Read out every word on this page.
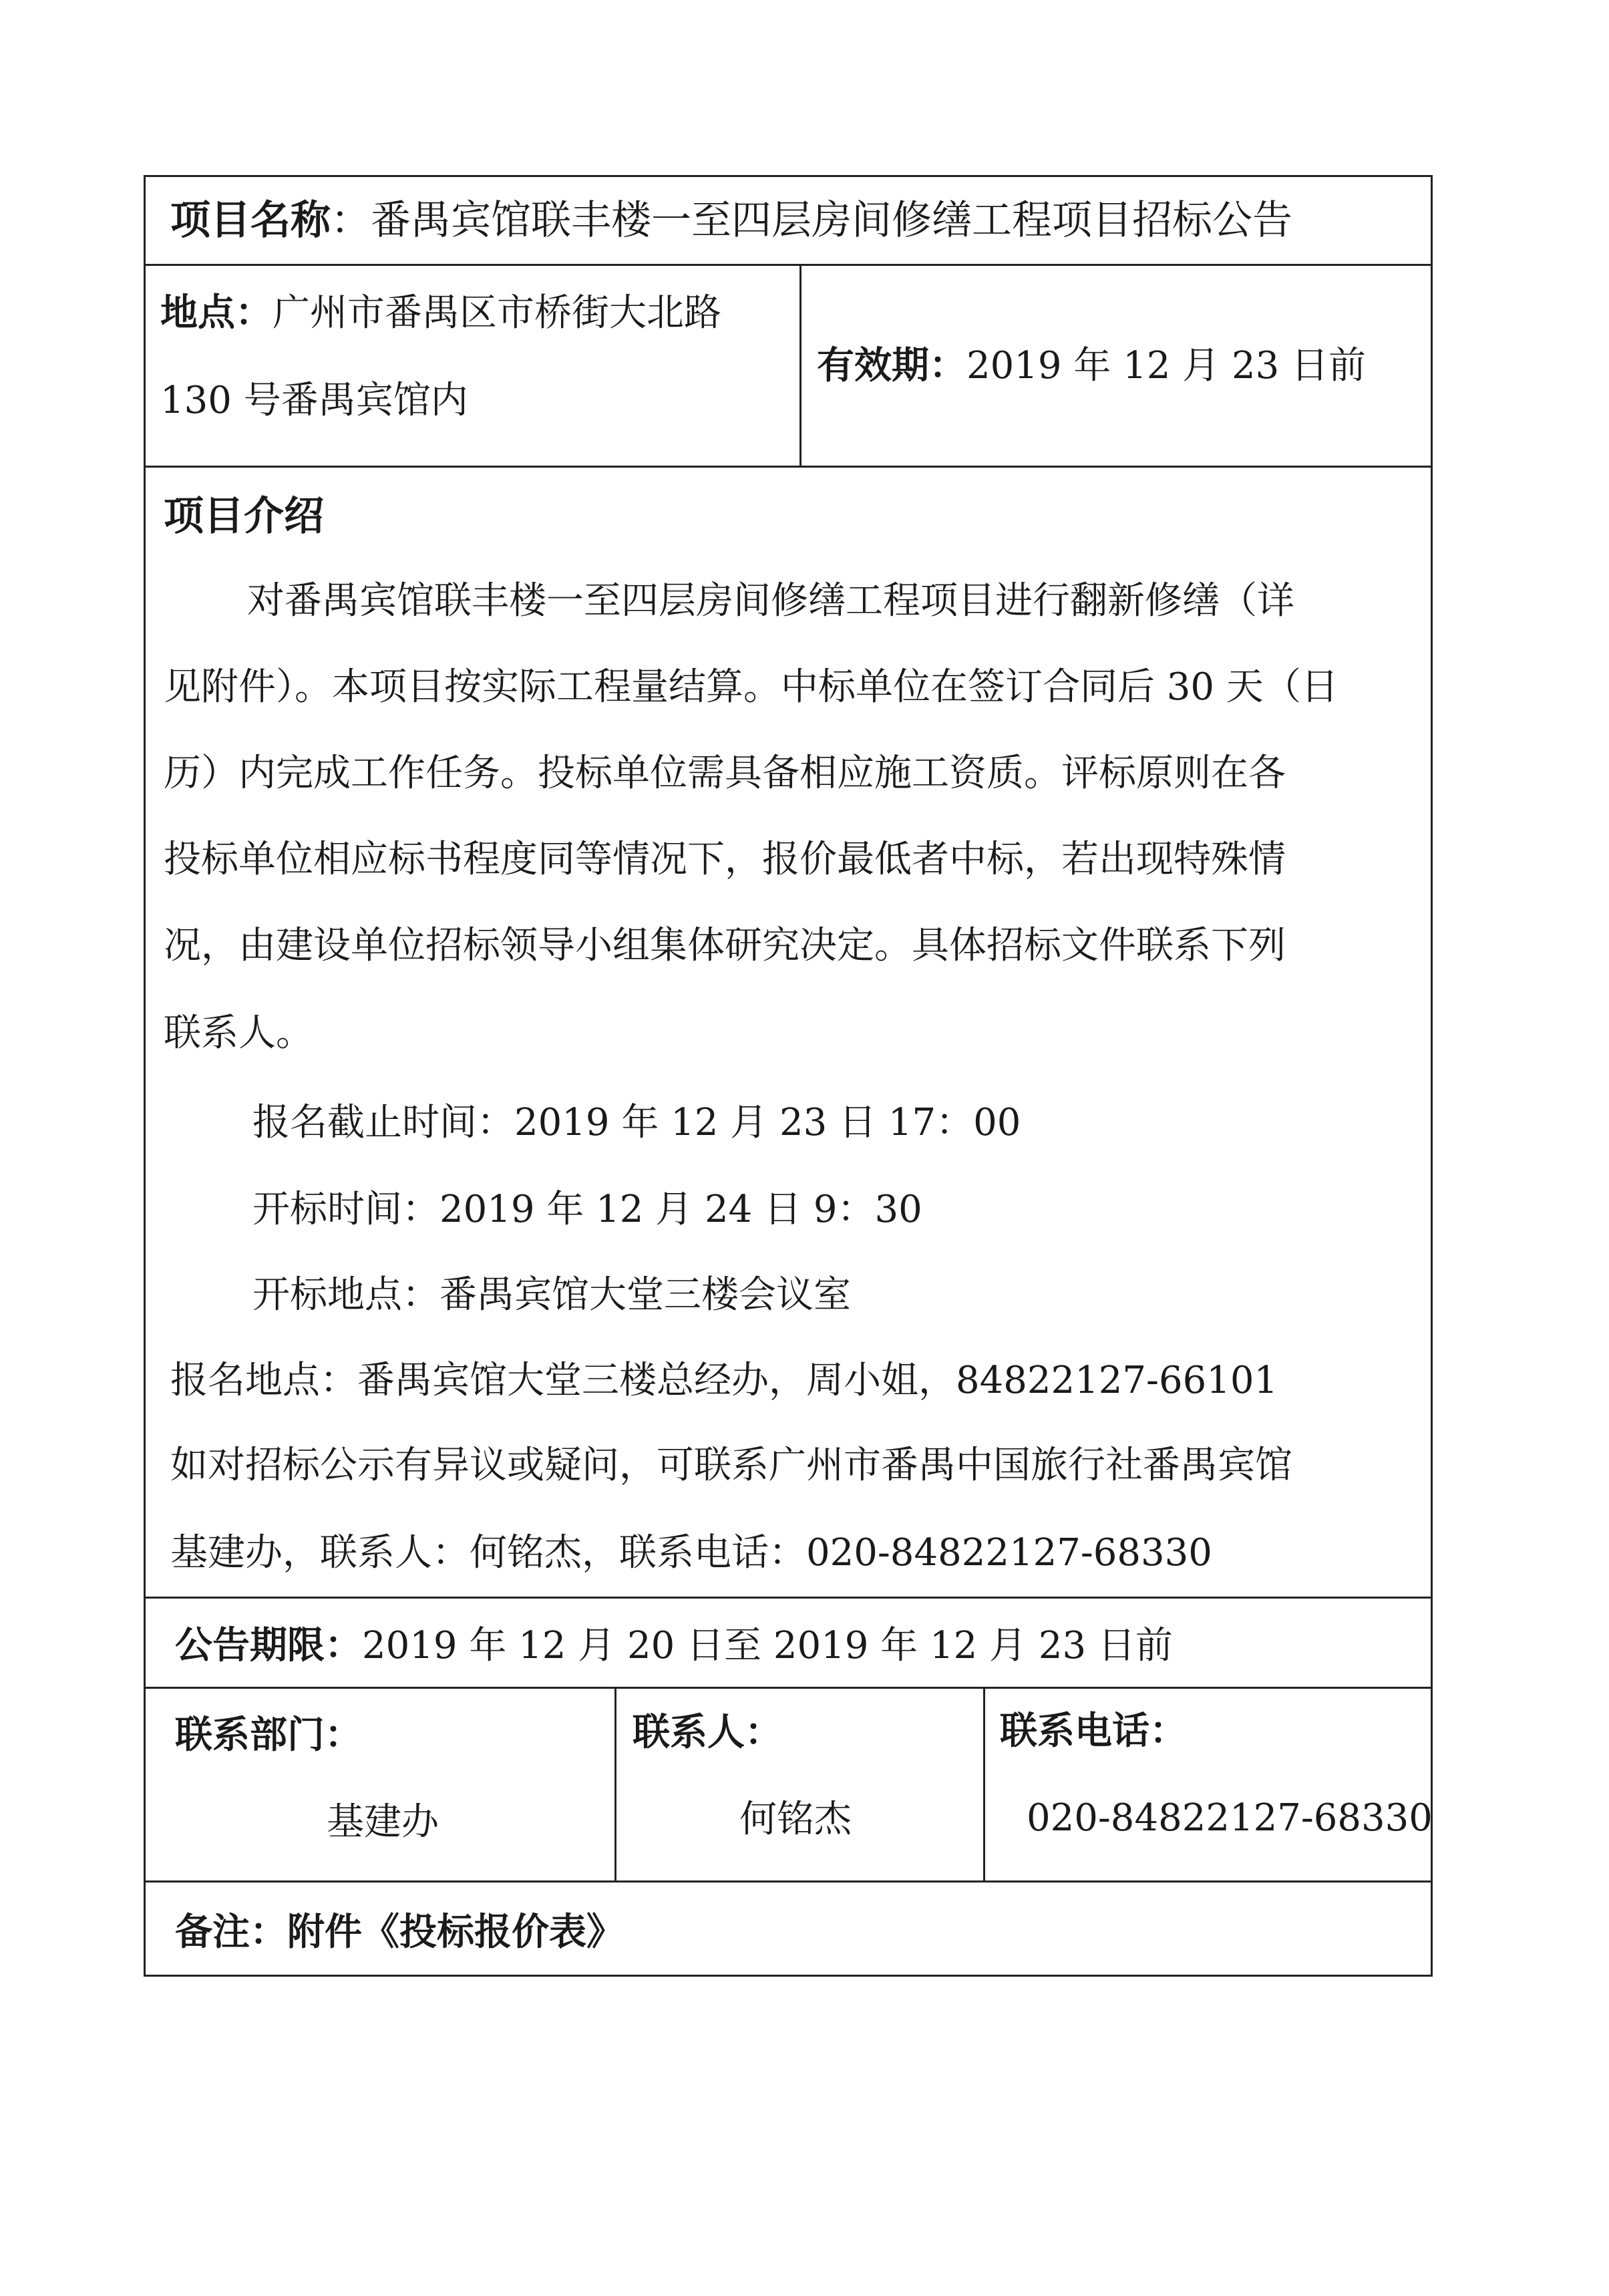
项目名称：番禺宾馆联丰楼一至四层房间修缮工程项目招标公告
地点：广州市番禺区市桥街大北路
130 号番禺宾馆内
有效期：2019 年 12 月 23 日前
项目介绍
对番禺宾馆联丰楼一至四层房间修缮工程项目进行翻新修缮（详
见附件）。本项目按实际工程量结算。中标单位在签订合同后 30 天（日
历）内完成工作任务。投标单位需具备相应施工资质。评标原则在各
投标单位相应标书程度同等情况下，报价最低者中标，若出现特殊情
况，由建设单位招标领导小组集体研究决定。具体招标文件联系下列
联系人。
报名截止时间：2019 年 12 月 23 日 17：00
开标时间：2019 年 12 月 24 日 9：30
开标地点：番禺宾馆大堂三楼会议室
报名地点：番禺宾馆大堂三楼总经办，周小姐，84822127-66101
如对招标公示有异议或疑问，可联系广州市番禺中国旅行社番禺宾馆
基建办，联系人：何铭杰，联系电话：020-84822127-68330
公告期限：2019 年 12 月 20 日至 2019 年 12 月 23 日前
联系部门：
基建办
联系人：
何铭杰
联系电话：
020-84822127-68330
备注：附件《投标报价表》
